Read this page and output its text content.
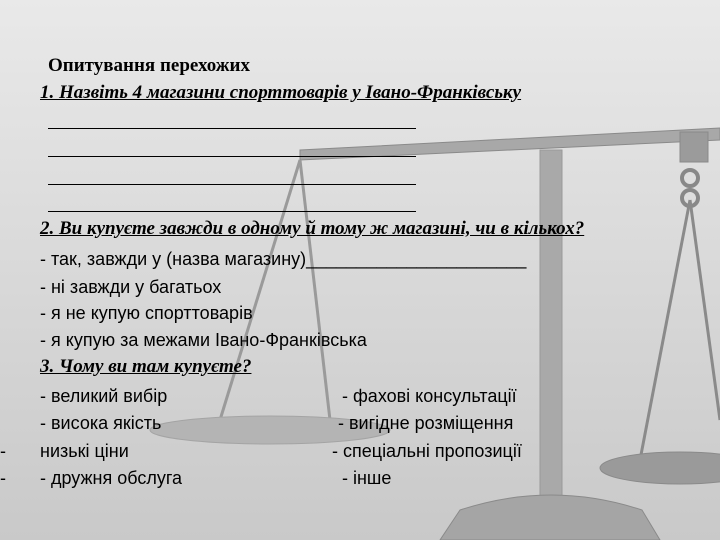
Опитування перехожих
1. Назвіть 4 магазини спорттоварів у Івано-Франківську
2. Ви купуєте завжди в одному й тому ж магазині, чи в кількох?
- так, завжди у (назва магазину)______________________
- ні завжди у багатьох
- я не купую спорттоварів
- я купую за межами Івано-Франківська
3. Чому ви там купуєте?
- великий вибір
- висока якість
низькі ціни
- дружня обслуга
- фахові консультації
- вигідне розміщення
- спеціальні пропозиції
- інше
-
-
